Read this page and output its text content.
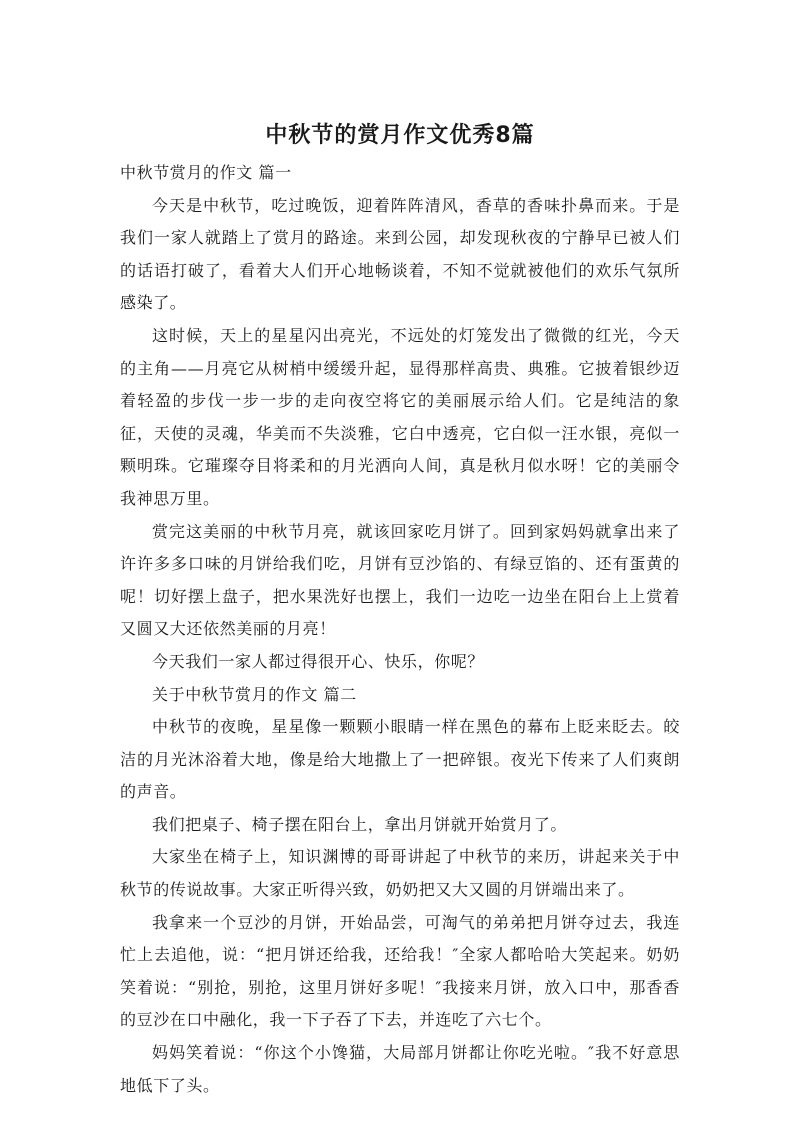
中秋节的赏月作文优秀8篇

中秋节赏月的作文 篇一

今天是中秋节，吃过晚饭，迎着阵阵清风，香草的香味扑鼻而来。于是我们一家人就踏上了赏月的路途。来到公园，却发现秋夜的宁静早已被人们的话语打破了，看着大人们开心地畅谈着，不知不觉就被他们的欢乐气氛所感染了。

这时候，天上的星星闪出亮光，不远处的灯笼发出了微微的红光，今天的主角——月亮它从树梢中缓缓升起，显得那样高贵、典雅。它披着银纱迈着轻盈的步伐一步一步的走向夜空将它的美丽展示给人们。它是纯洁的象征，天使的灵魂，华美而不失淡雅，它白中透亮，它白似一汪水银，亮似一颗明珠。它璀璨夺目将柔和的月光洒向人间，真是秋月似水呀！它的美丽令我神思万里。

赏完这美丽的中秋节月亮，就该回家吃月饼了。回到家妈妈就拿出来了许许多多口味的月饼给我们吃，月饼有豆沙馅的、有绿豆馅的、还有蛋黄的呢！切好摆上盘子，把水果洗好也摆上，我们一边吃一边坐在阳台上上赏着又圆又大还依然美丽的月亮！

今天我们一家人都过得很开心、快乐，你呢？

关于中秋节赏月的作文 篇二

中秋节的夜晚，星星像一颗颗小眼睛一样在黑色的幕布上眨来眨去。皎洁的月光沐浴着大地，像是给大地撒上了一把碎银。夜光下传来了人们爽朗的声音。

我们把桌子、椅子摆在阳台上，拿出月饼就开始赏月了。

大家坐在椅子上，知识渊博的哥哥讲起了中秋节的来历，讲起来关于中秋节的传说故事。大家正听得兴致，奶奶把又大又圆的月饼端出来了。

我拿来一个豆沙的月饼，开始品尝，可淘气的弟弟把月饼夺过去，我连忙上去追他，说：“把月饼还给我，还给我！″全家人都哈哈大笑起来。奶奶笑着说：“别抢，别抢，这里月饼好多呢！″我接来月饼，放入口中，那香香的豆沙在口中融化，我一下子吞了下去，并连吃了六七个。

妈妈笑着说：“你这个小馋猫，大局部月饼都让你吃光啦。″我不好意思地低下了头。
